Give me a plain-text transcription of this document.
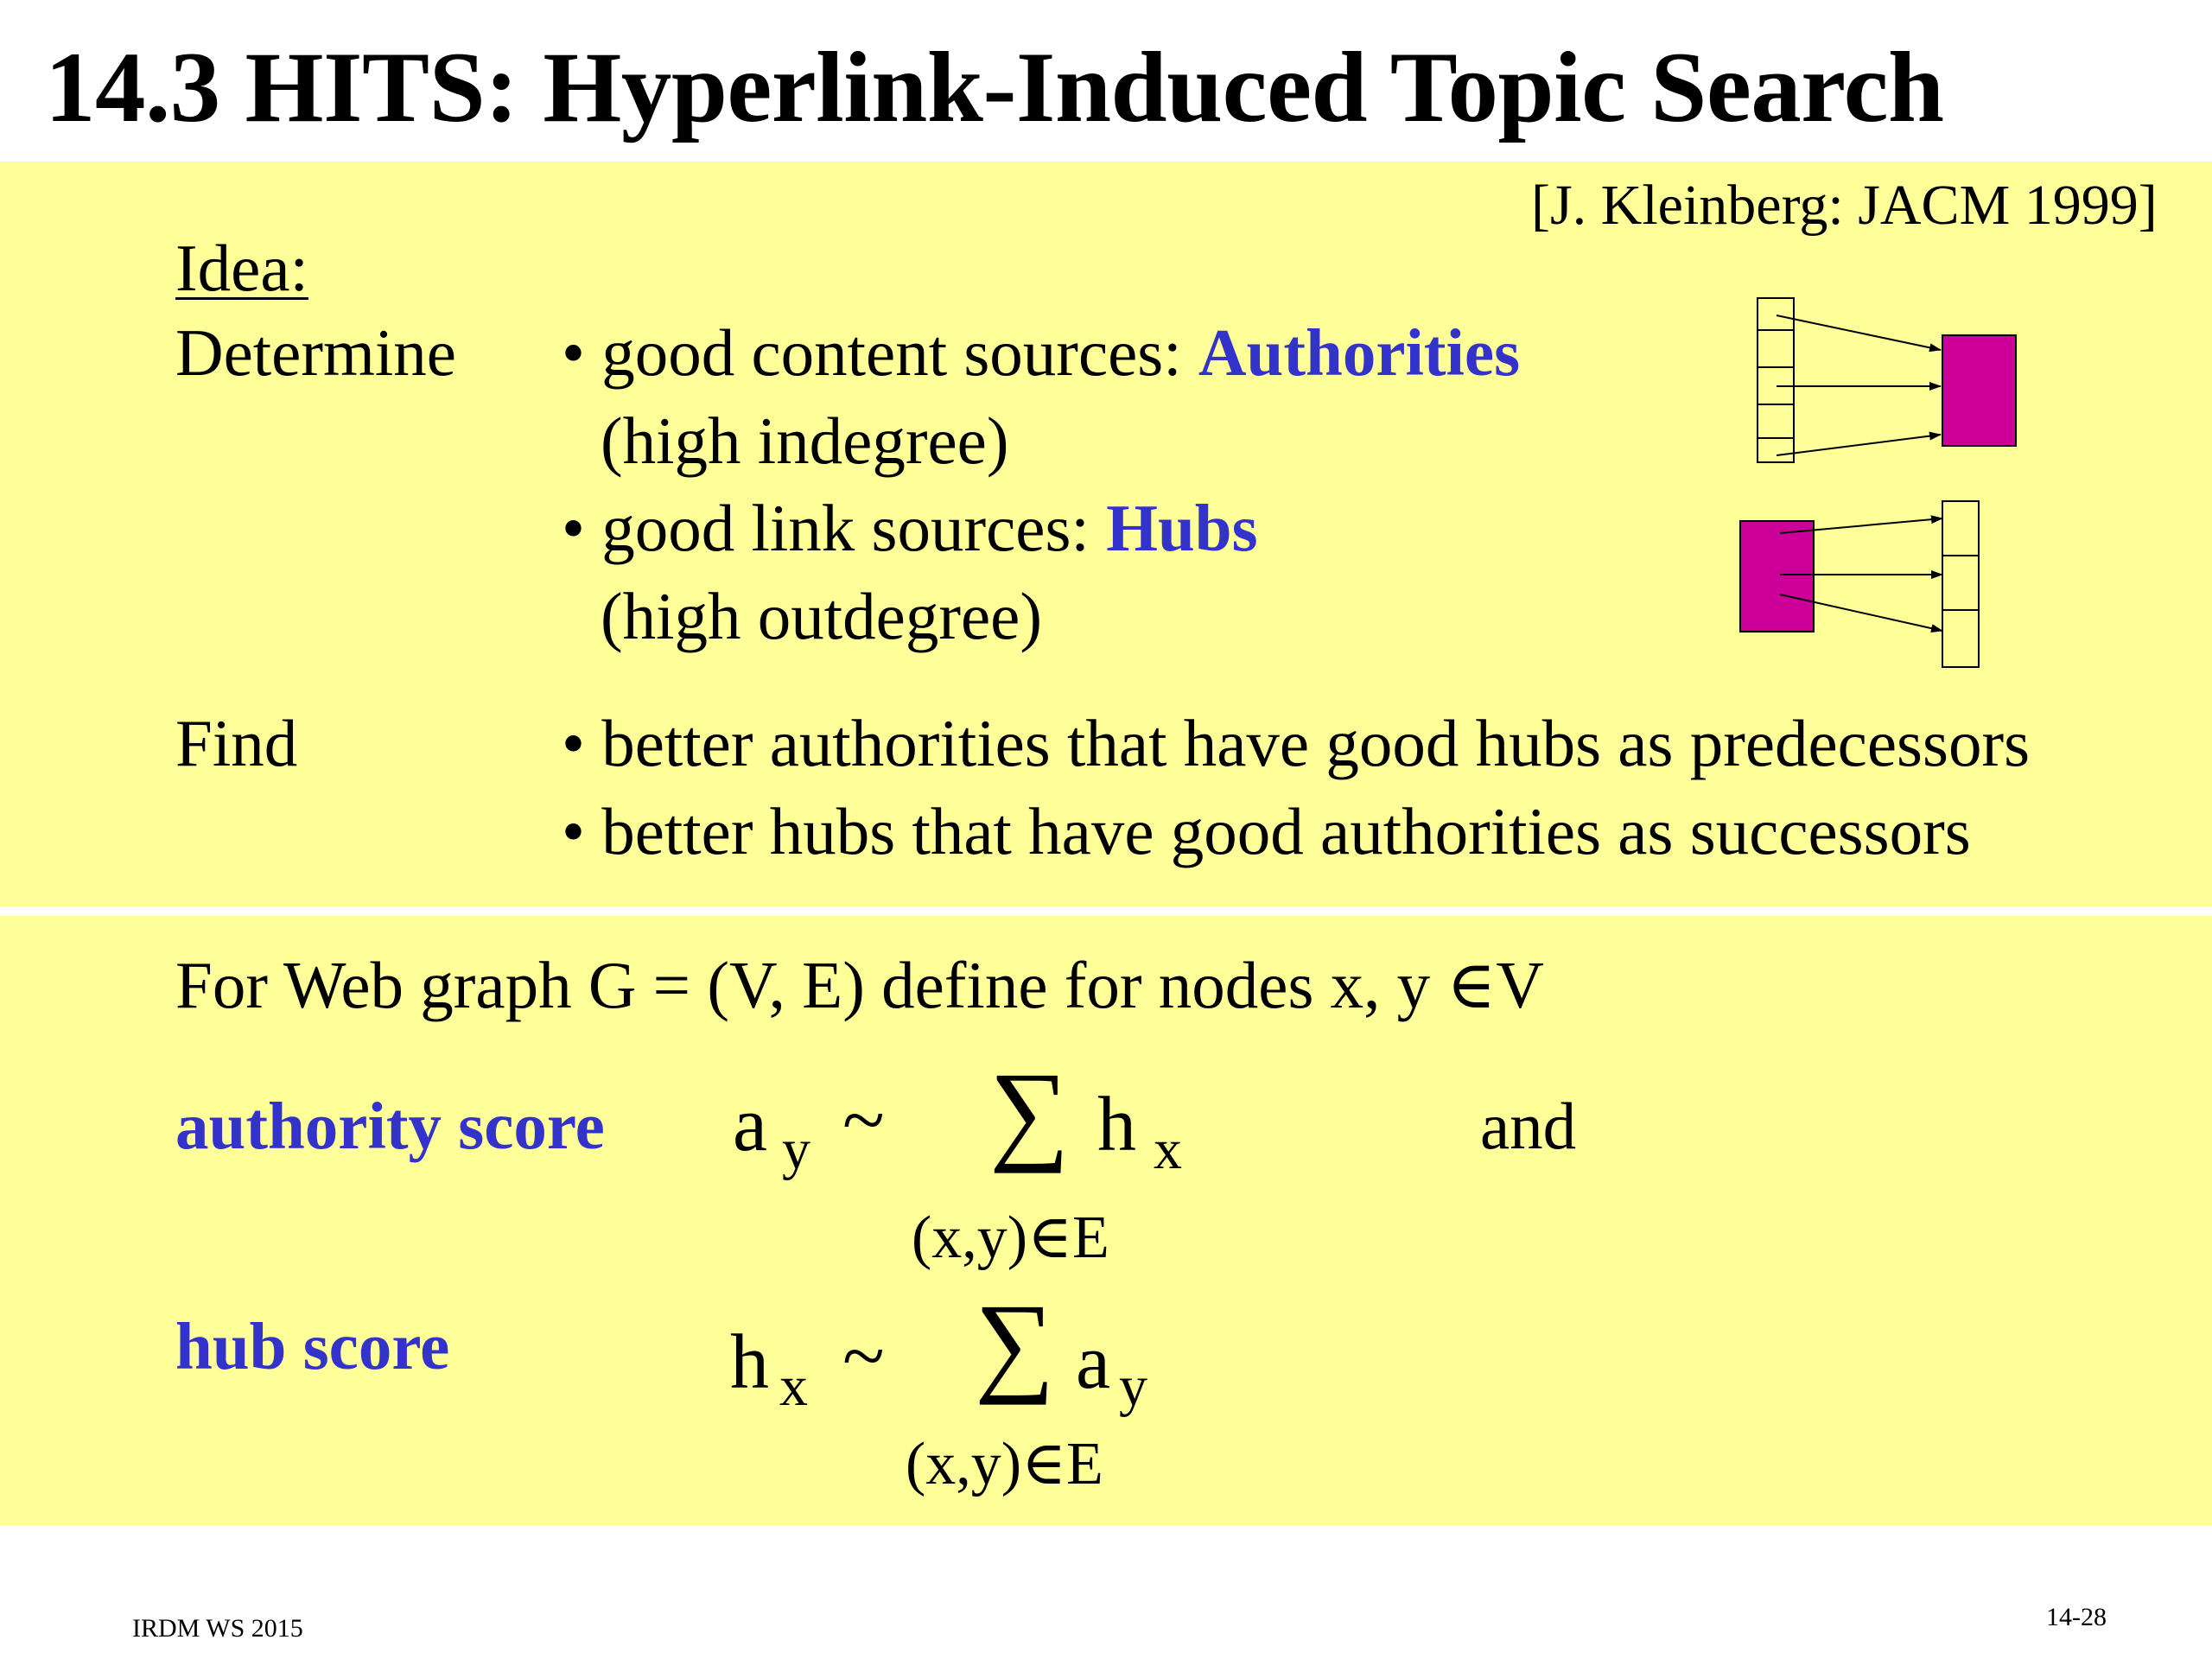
14.3 HITS: Hyperlink-Induced Topic Search
[J. Kleinberg: JACM 1999]
Idea:
Determine • good content sources: Authorities
(high indegree)
• good link sources: Hubs
(high outdegree)
Find	• better authorities that have good hubs as predecessors
• better hubs that have good authorities as successors
For Web graph G = (V, E) define for nodes x, y ∈V
authority score a y ~ ∑ h x
(x,y)∈E
and
hub score	h x ~ ∑ a y
(x,y)∈E
IRDM WS 2015	14-28
